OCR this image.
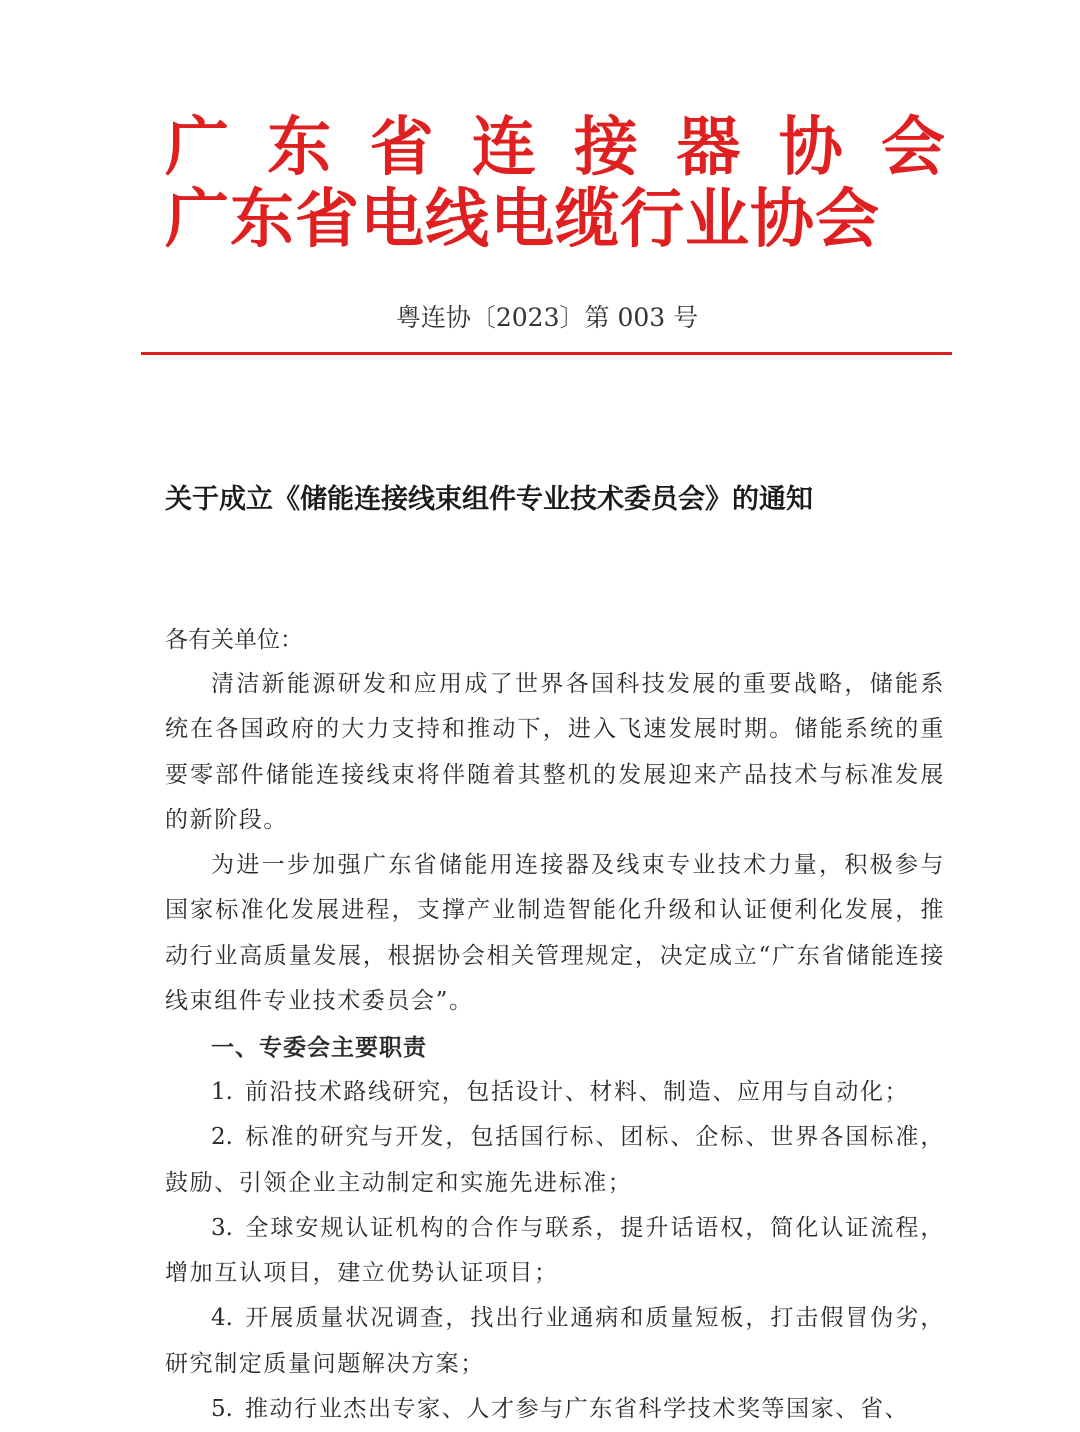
广 东 省 连 接 器 协 会
广东省电线电缆行业协会
粤连协〔2023〕第 003 号
关于成立《储能连接线束组件专业技术委员会》的通知
各有关单位：

清洁新能源研发和应用成了世界各国科技发展的重要战略，储能系统在各国政府的大力支持和推动下，进入飞速发展时期。储能系统的重要零部件储能连接线束将伴随着其整机的发展迎来产品技术与标准发展的新阶段。

为进一步加强广东省储能用连接器及线束专业技术力量，积极参与国家标准化发展进程，支撑产业制造智能化升级和认证便利化发展，推动行业高质量发展，根据协会相关管理规定，决定成立“广东省储能连接线束组件专业技术委员会”。

一、专委会主要职责

1. 前沿技术路线研究，包括设计、材料、制造、应用与自动化；

2. 标准的研究与开发，包括国行标、团标、企标、世界各国标准，鼓励、引领企业主动制定和实施先进标准；

3. 全球安规认证机构的合作与联系，提升话语权，简化认证流程，增加互认项目，建立优势认证项目；

4. 开展质量状况调查，找出行业通病和质量短板，打击假冒伪劣，研究制定质量问题解决方案；

5. 推动行业杰出专家、人才参与广东省科学技术奖等国家、省、
